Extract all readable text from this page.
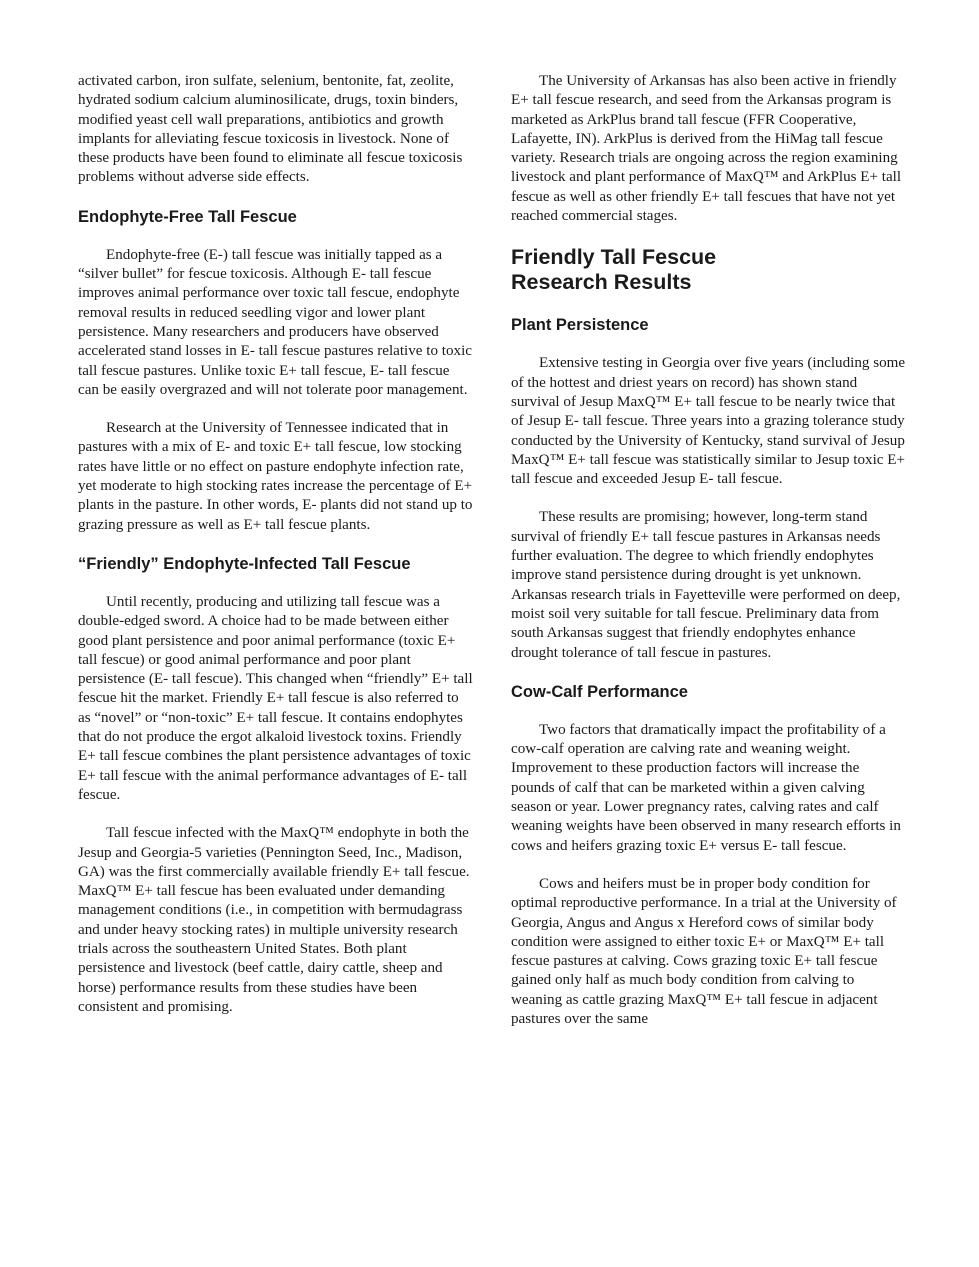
activated carbon, iron sulfate, selenium, bentonite, fat, zeolite, hydrated sodium calcium aluminosilicate, drugs, toxin binders, modified yeast cell wall preparations, antibiotics and growth implants for alleviating fescue toxicosis in livestock. None of these products have been found to eliminate all fescue toxicosis problems without adverse side effects.

Endophyte-Free Tall Fescue

Endophyte-free (E-) tall fescue was initially tapped as a “silver bullet” for fescue toxicosis. Although E- tall fescue improves animal performance over toxic tall fescue, endophyte removal results in reduced seedling vigor and lower plant persistence. Many researchers and producers have observed accelerated stand losses in E- tall fescue pastures relative to toxic tall fescue pastures. Unlike toxic E+ tall fescue, E- tall fescue can be easily overgrazed and will not tolerate poor management.

Research at the University of Tennessee indicated that in pastures with a mix of E- and toxic E+ tall fescue, low stocking rates have little or no effect on pasture endophyte infection rate, yet moderate to high stocking rates increase the percentage of E+ plants in the pasture. In other words, E- plants did not stand up to grazing pressure as well as E+ tall fescue plants.

“Friendly” Endophyte-Infected Tall Fescue

Until recently, producing and utilizing tall fescue was a double-edged sword. A choice had to be made between either good plant persistence and poor animal performance (toxic E+ tall fescue) or good animal performance and poor plant persistence (E- tall fescue). This changed when “friendly” E+ tall fescue hit the market. Friendly E+ tall fescue is also referred to as “novel” or “non-toxic” E+ tall fescue. It contains endophytes that do not produce the ergot alkaloid livestock toxins. Friendly E+ tall fescue combines the plant persistence advantages of toxic E+ tall fescue with the animal performance advantages of E- tall fescue.

Tall fescue infected with the MaxQ™ endophyte in both the Jesup and Georgia-5 varieties (Pennington Seed, Inc., Madison, GA) was the first commercially available friendly E+ tall fescue. MaxQ™ E+ tall fescue has been evaluated under demanding management conditions (i.e., in competition with bermudagrass and under heavy stocking rates) in multiple university research trials across the southeastern United States. Both plant persistence and livestock (beef cattle, dairy cattle, sheep and horse) performance results from these studies have been consistent and promising.

The University of Arkansas has also been active in friendly E+ tall fescue research, and seed from the Arkansas program is marketed as ArkPlus brand tall fescue (FFR Cooperative, Lafayette, IN). ArkPlus is derived from the HiMag tall fescue variety. Research trials are ongoing across the region examining livestock and plant performance of MaxQ™ and ArkPlus E+ tall fescue as well as other friendly E+ tall fescues that have not yet reached commercial stages.

Friendly Tall Fescue
Research Results
Plant Persistence

Extensive testing in Georgia over five years (including some of the hottest and driest years on record) has shown stand survival of Jesup MaxQ™ E+ tall fescue to be nearly twice that of Jesup E- tall fescue. Three years into a grazing tolerance study conducted by the University of Kentucky, stand survival of Jesup MaxQ™ E+ tall fescue was statistically similar to Jesup toxic E+ tall fescue and exceeded Jesup E- tall fescue.

These results are promising; however, long-term stand survival of friendly E+ tall fescue pastures in Arkansas needs further evaluation. The degree to which friendly endophytes improve stand persistence during drought is yet unknown. Arkansas research trials in Fayetteville were performed on deep, moist soil very suitable for tall fescue. Preliminary data from south Arkansas suggest that friendly endophytes enhance drought tolerance of tall fescue in pastures.

Cow-Calf Performance

Two factors that dramatically impact the profitability of a cow-calf operation are calving rate and weaning weight. Improvement to these production factors will increase the pounds of calf that can be marketed within a given calving season or year. Lower pregnancy rates, calving rates and calf weaning weights have been observed in many research efforts in cows and heifers grazing toxic E+ versus E- tall fescue.

Cows and heifers must be in proper body condition for optimal reproductive performance. In a trial at the University of Georgia, Angus and Angus x Hereford cows of similar body condition were assigned to either toxic E+ or MaxQ™ E+ tall fescue pastures at calving. Cows grazing toxic E+ tall fescue gained only half as much body condition from calving to weaning as cattle grazing MaxQ™ E+ tall fescue in adjacent pastures over the same
